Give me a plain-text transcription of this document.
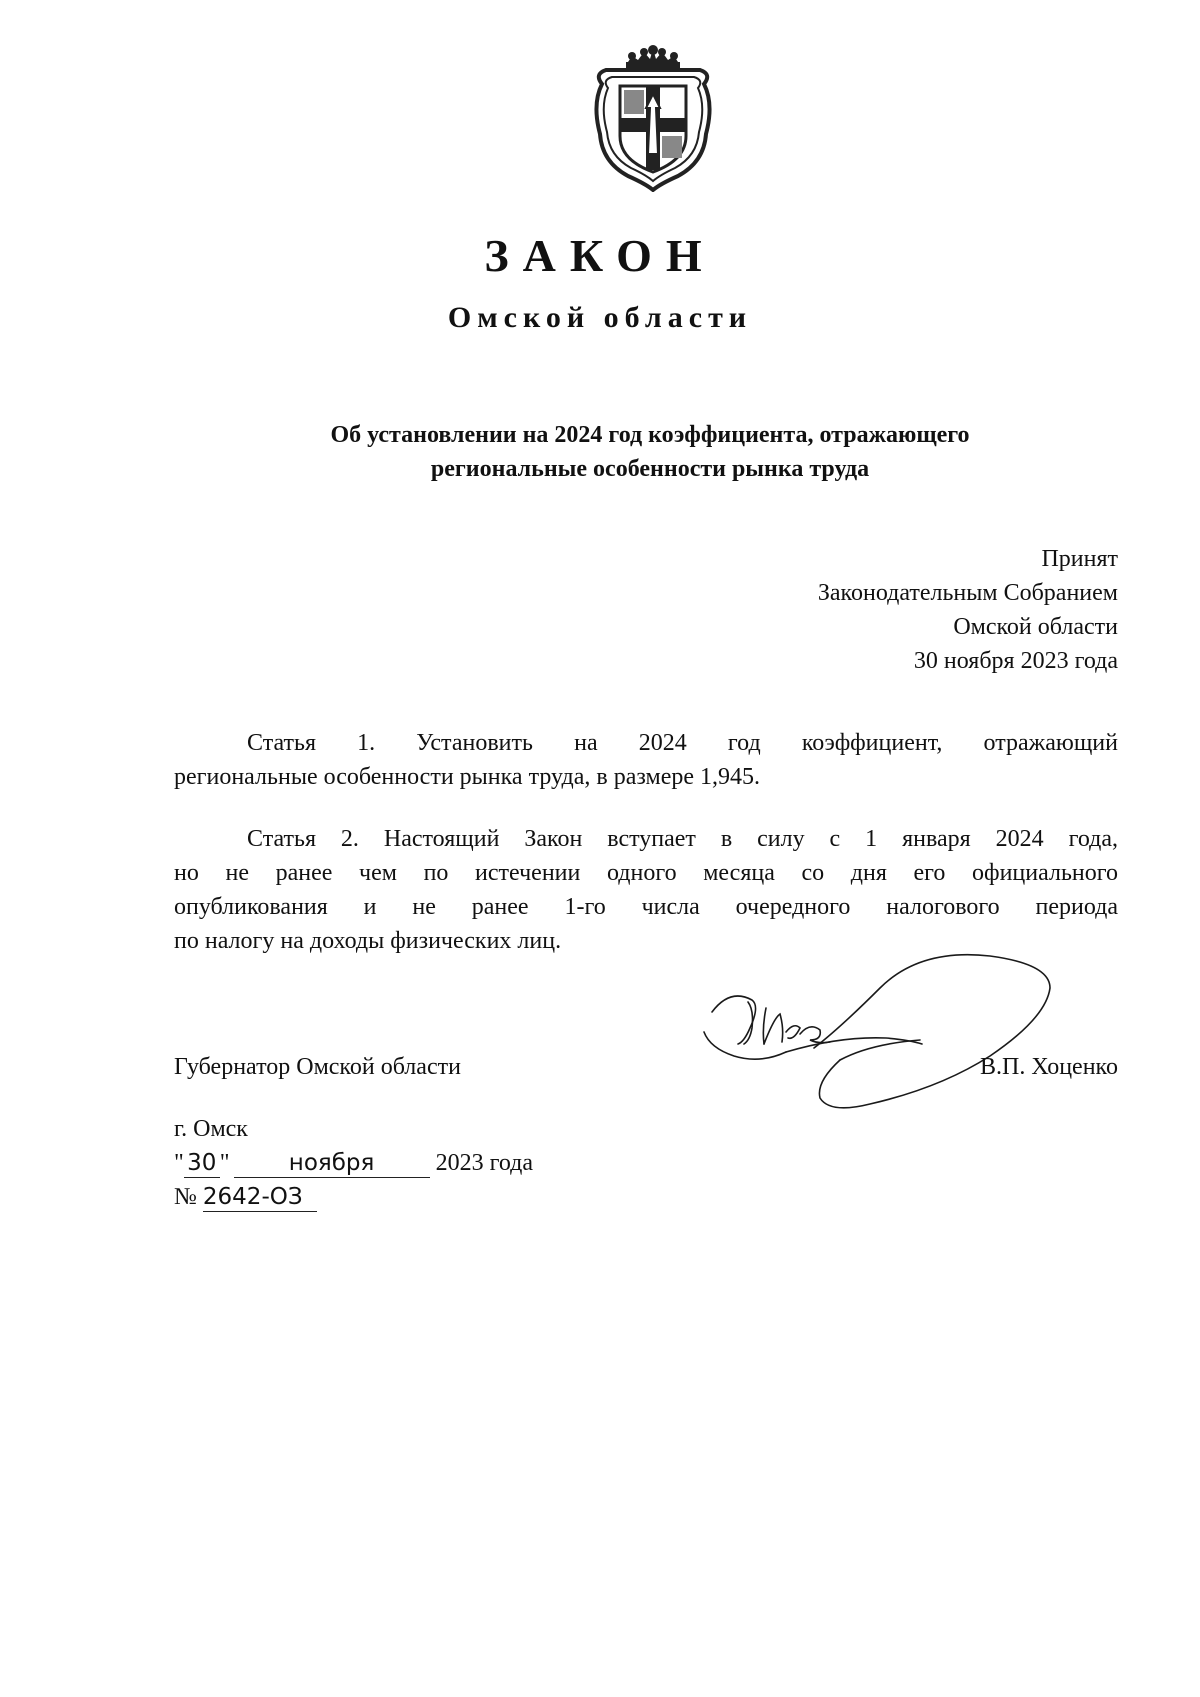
ЗАКОН
Омской области
Об установлении на 2024 год коэффициента, отражающего
региональные особенности рынка труда
Принят
Законодательным Собранием
Омской области
30 ноября 2023 года
Статья 1. Установить на 2024 год коэффициент, отражающий
региональные особенности рынка труда, в размере 1,945.
Статья 2. Настоящий Закон вступает в силу с 1 января 2024 года,
но не ранее чем по истечении одного месяца со дня его официального
опубликования и не ранее 1-го числа очередного налогового периода
по налогу на доходы физических лиц.
Губернатор Омской области	В.П. Хоценко
г. Омск
" 30 "	ноября	2023 года
№ 2642-ОЗ
